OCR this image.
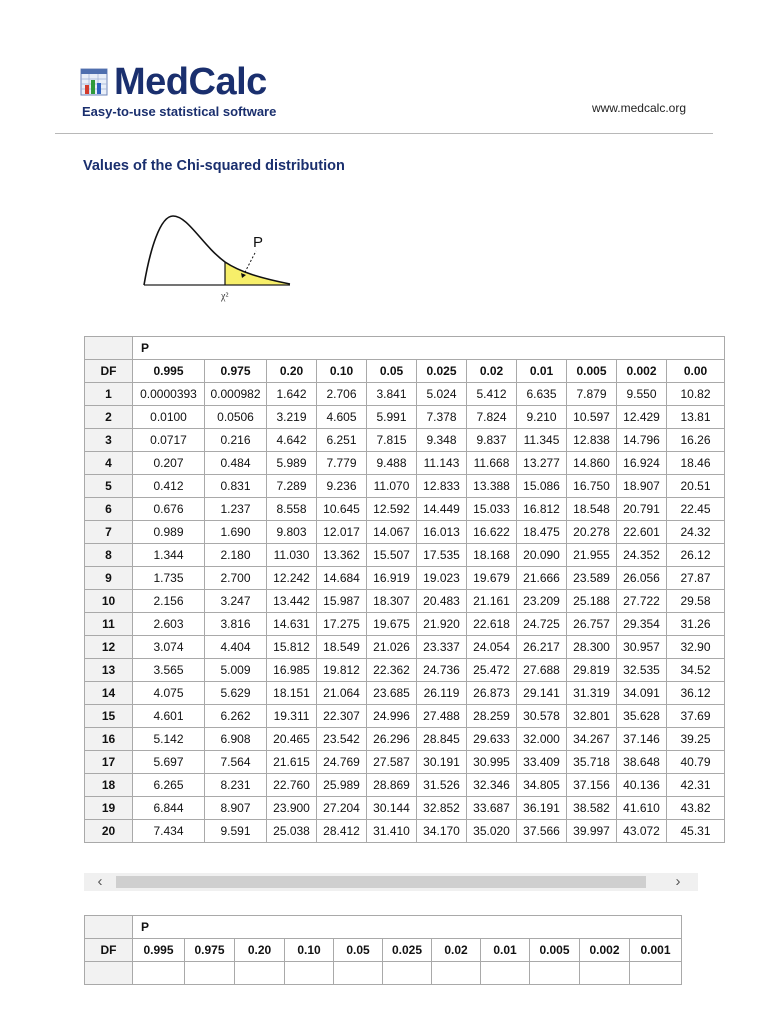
MedCalc
Easy-to-use statistical software	www.medcalc.org
Values of the Chi-squared distribution
P
χ²
	P										
DF	0.995	0.975	0.20	0.10	0.05	0.025	0.02	0.01	0.005	0.002	0.00
1	0.0000393	0.000982	1.642	2.706	3.841	5.024	5.412	6.635	7.879	9.550	10.82
2	0.0100	0.0506	3.219	4.605	5.991	7.378	7.824	9.210	10.597	12.429	13.81
3	0.0717	0.216	4.642	6.251	7.815	9.348	9.837	11.345	12.838	14.796	16.26
4	0.207	0.484	5.989	7.779	9.488	11.143	11.668	13.277	14.860	16.924	18.46
5	0.412	0.831	7.289	9.236	11.070	12.833	13.388	15.086	16.750	18.907	20.51
6	0.676	1.237	8.558	10.645	12.592	14.449	15.033	16.812	18.548	20.791	22.45
7	0.989	1.690	9.803	12.017	14.067	16.013	16.622	18.475	20.278	22.601	24.32
8	1.344	2.180	11.030	13.362	15.507	17.535	18.168	20.090	21.955	24.352	26.12
9	1.735	2.700	12.242	14.684	16.919	19.023	19.679	21.666	23.589	26.056	27.87
10	2.156	3.247	13.442	15.987	18.307	20.483	21.161	23.209	25.188	27.722	29.58
11	2.603	3.816	14.631	17.275	19.675	21.920	22.618	24.725	26.757	29.354	31.26
12	3.074	4.404	15.812	18.549	21.026	23.337	24.054	26.217	28.300	30.957	32.90
13	3.565	5.009	16.985	19.812	22.362	24.736	25.472	27.688	29.819	32.535	34.52
14	4.075	5.629	18.151	21.064	23.685	26.119	26.873	29.141	31.319	34.091	36.12
15	4.601	6.262	19.311	22.307	24.996	27.488	28.259	30.578	32.801	35.628	37.69
16	5.142	6.908	20.465	23.542	26.296	28.845	29.633	32.000	34.267	37.146	39.25
17	5.697	7.564	21.615	24.769	27.587	30.191	30.995	33.409	35.718	38.648	40.79
18	6.265	8.231	22.760	25.989	28.869	31.526	32.346	34.805	37.156	40.136	42.31
19	6.844	8.907	23.900	27.204	30.144	32.852	33.687	36.191	38.582	41.610	43.82
20	7.434	9.591	25.038	28.412	31.410	34.170	35.020	37.566	39.997	43.072	45.31
‹	›
	P										
DF	0.995	0.975	0.20	0.10	0.05	0.025	0.02	0.01	0.005	0.002	0.001
